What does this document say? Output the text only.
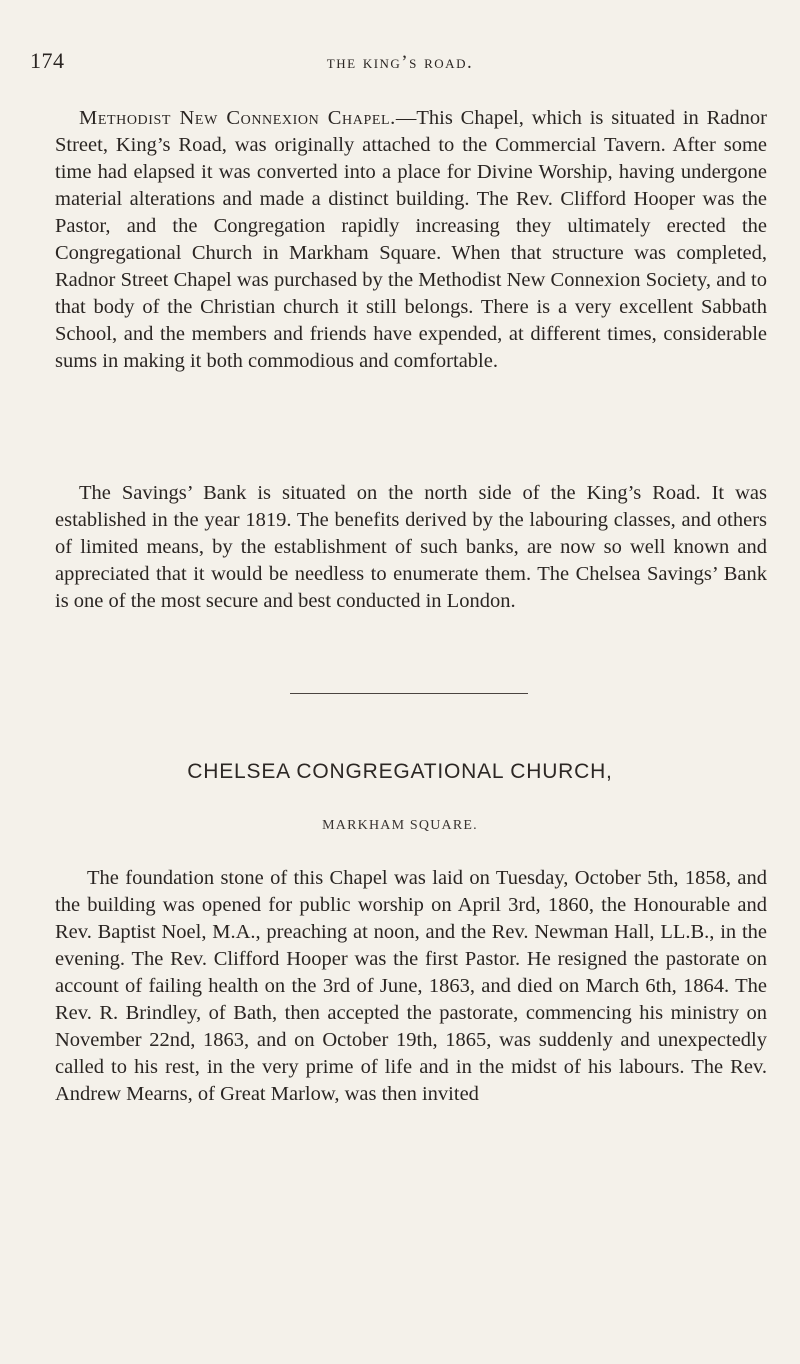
174	the king’s road.

Methodist New Connexion Chapel.—This Chapel, which is situated in Radnor Street, King’s Road, was originally attached to the Commercial Tavern. After some time had elapsed it was converted into a place for Divine Worship, having undergone material alterations and made a distinct building. The Rev. Clifford Hooper was the Pastor, and the Congregation rapidly increasing they ultimately erected the Congregational Church in Markham Square. When that structure was completed, Radnor Street Chapel was purchased by the Methodist New Connexion Society, and to that body of the Christian church it still belongs. There is a very excellent Sabbath School, and the members and friends have expended, at different times, considerable sums in making it both commodious and comfortable.

The Savings’ Bank is situated on the north side of the King’s Road. It was established in the year 1819. The benefits derived by the labouring classes, and others of limited means, by the establishment of such banks, are now so well known and appreciated that it would be needless to enumerate them. The Chelsea Savings’ Bank is one of the most secure and best conducted in London.

CHELSEA CONGREGATIONAL CHURCH,
MARKHAM SQUARE.

The foundation stone of this Chapel was laid on Tuesday, October 5th, 1858, and the building was opened for public worship on April 3rd, 1860, the Honourable and Rev. Baptist Noel, M.A., preaching at noon, and the Rev. Newman Hall, LL.B., in the evening. The Rev. Clifford Hooper was the first Pastor. He resigned the pastorate on account of failing health on the 3rd of June, 1863, and died on March 6th, 1864. The Rev. R. Brindley, of Bath, then accepted the pastorate, commencing his ministry on November 22nd, 1863, and on October 19th, 1865, was suddenly and unexpectedly called to his rest, in the very prime of life and in the midst of his labours. The Rev. Andrew Mearns, of Great Marlow, was then invited
